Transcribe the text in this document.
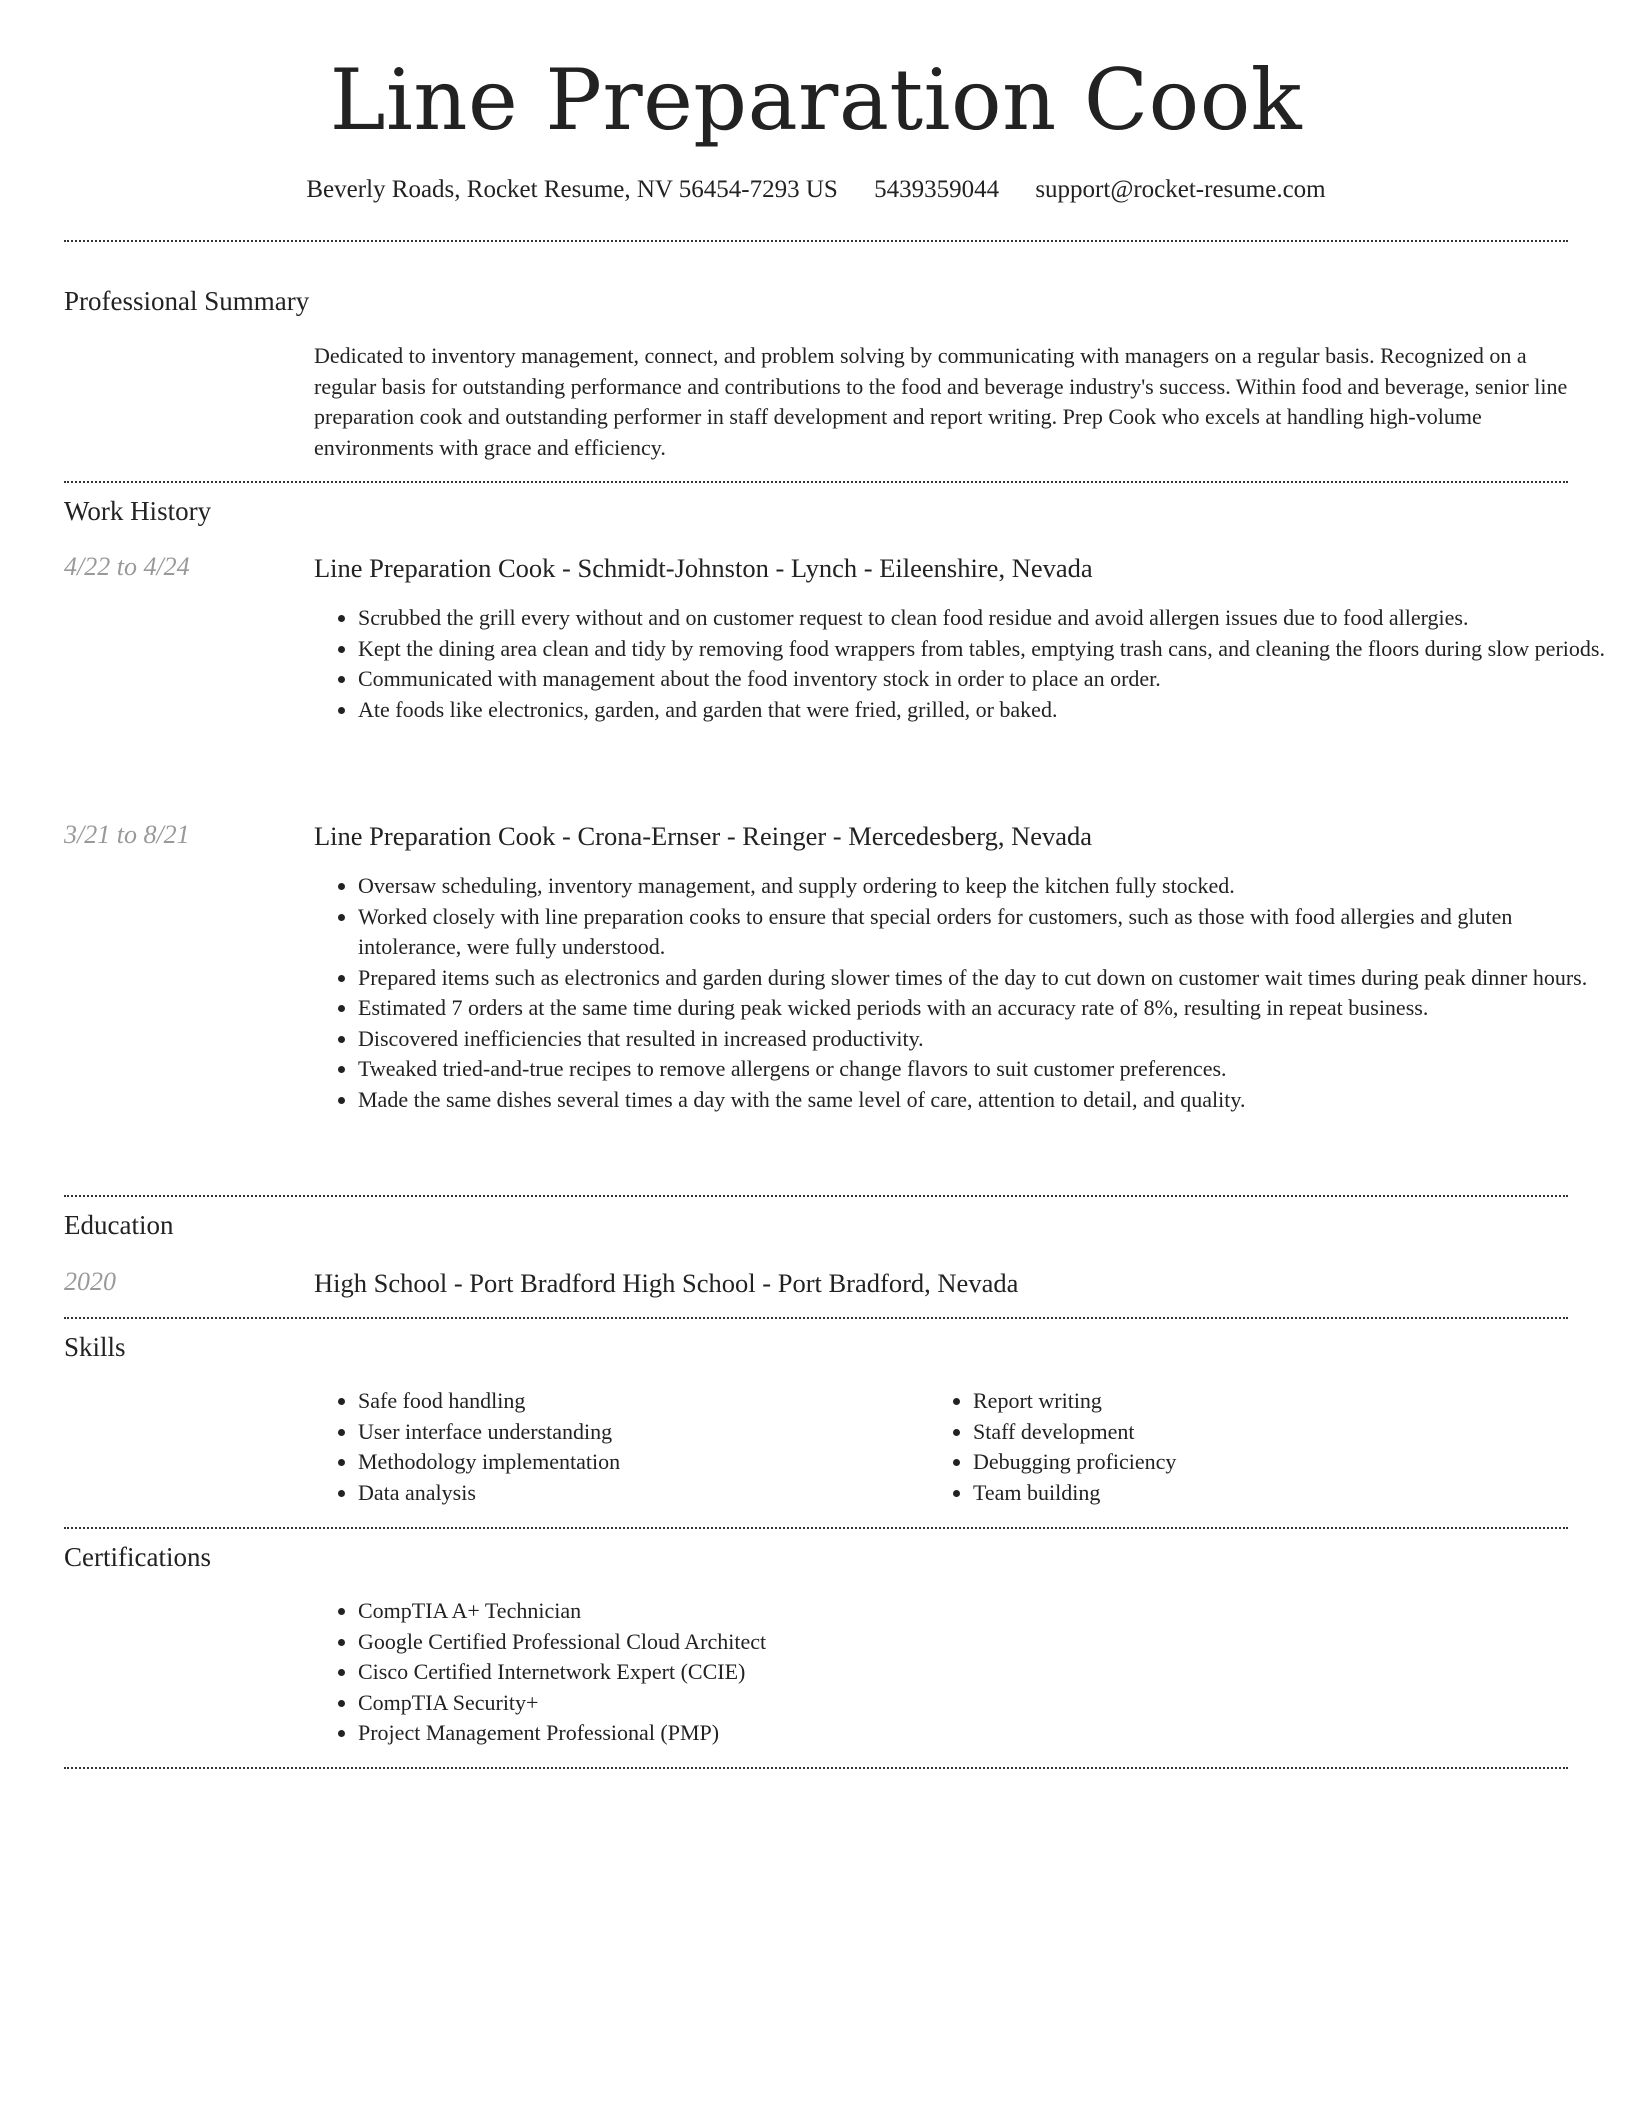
Line Preparation Cook
Beverly Roads, Rocket Resume, NV 56454-7293 US 5439359044 support@rocket-resume.com
Professional Summary
Dedicated to inventory management, connect, and problem solving by communicating with managers on a regular basis. Recognized on a regular basis for outstanding performance and contributions to the food and beverage industry's success. Within food and beverage, senior line preparation cook and outstanding performer in staff development and report writing. Prep Cook who excels at handling high-volume environments with grace and efficiency.
Work History
4/22 to 4/24	Line Preparation Cook - Schmidt-Johnston - Lynch - Eileenshire, Nevada
• Scrubbed the grill every without and on customer request to clean food residue and avoid allergen issues due to food allergies.
• Kept the dining area clean and tidy by removing food wrappers from tables, emptying trash cans, and cleaning the floors during slow periods.
• Communicated with management about the food inventory stock in order to place an order.
• Ate foods like electronics, garden, and garden that were fried, grilled, or baked.
3/21 to 8/21	Line Preparation Cook - Crona-Ernser - Reinger - Mercedesberg, Nevada
• Oversaw scheduling, inventory management, and supply ordering to keep the kitchen fully stocked.
• Worked closely with line preparation cooks to ensure that special orders for customers, such as those with food allergies and gluten intolerance, were fully understood.
• Prepared items such as electronics and garden during slower times of the day to cut down on customer wait times during peak dinner hours.
• Estimated 7 orders at the same time during peak wicked periods with an accuracy rate of 8%, resulting in repeat business.
• Discovered inefficiencies that resulted in increased productivity.
• Tweaked tried-and-true recipes to remove allergens or change flavors to suit customer preferences.
• Made the same dishes several times a day with the same level of care, attention to detail, and quality.
Education
2020	High School - Port Bradford High School - Port Bradford, Nevada
Skills
• Safe food handling
• User interface understanding
• Methodology implementation
• Data analysis
• Report writing
• Staff development
• Debugging proficiency
• Team building
Certifications
• CompTIA A+ Technician
• Google Certified Professional Cloud Architect
• Cisco Certified Internetwork Expert (CCIE)
• CompTIA Security+
• Project Management Professional (PMP)
